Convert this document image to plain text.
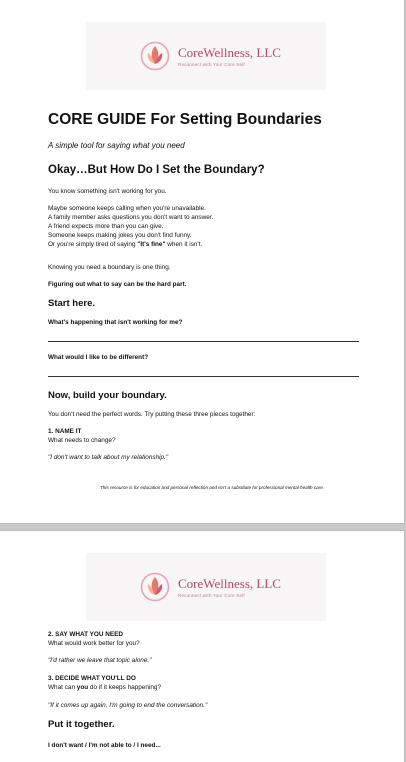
CoreWellness, LLC
Reconnect with Your Core Self
CORE GUIDE For Setting Boundaries
A simple tool for saying what you need
Okay…But How Do I Set the Boundary?
You know something isn't working for you.
Maybe someone keeps calling when you're unavailable.
A family member asks questions you don't want to answer.
A friend expects more than you can give.
Someone keeps making jokes you don't find funny.
Or you're simply tired of saying "It's fine" when it isn't.
Knowing you need a boundary is one thing.
Figuring out what to say can be the hard part.
Start here.
What's happening that isn't working for me?
What would I like to be different?
Now, build your boundary.
You don't need the perfect words. Try putting these three pieces together:
1. NAME IT
What needs to change?
"I don't want to talk about my relationship."
This resource is for education and personal reflection and isn't a substitute for professional mental health care.
CoreWellness, LLC
Reconnect with Your Core Self
2. SAY WHAT YOU NEED
What would work better for you?
"I'd rather we leave that topic alone."
3. DECIDE WHAT YOU'LL DO
What can you do if it keeps happening?
"If it comes up again, I'm going to end the conversation."
Put it together.
I don't want / I'm not able to / I need...
